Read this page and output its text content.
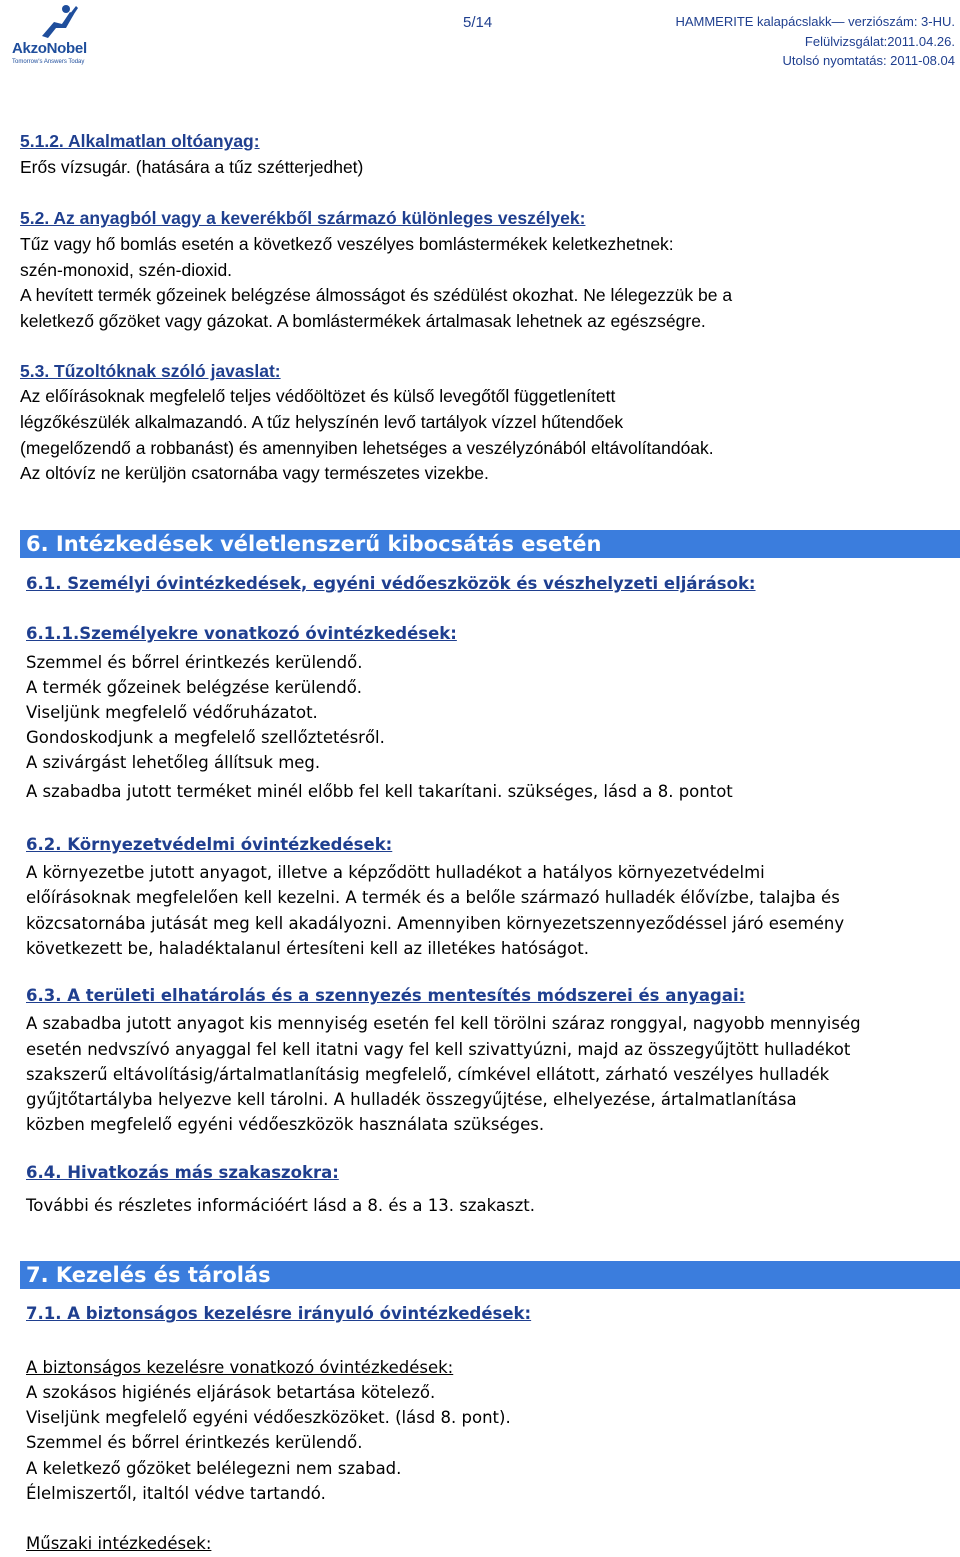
AkzoNobel
Tomorrow's Answers Today
5/14	HAMMERITE kalapácslakk— verziószám: 3-HU.
Felülvizsgálat:2011.04.26.
Utolsó nyomtatás: 2011-08.04
5.1.2. Alkalmatlan oltóanyag:
Erős vízsugár. (hatására a tűz szétterjedhet)
5.2. Az anyagból vagy a keverékből származó különleges veszélyek:
Tűz vagy hő bomlás esetén a következő veszélyes bomlástermékek keletkezhetnek:
szén-monoxid, szén-dioxid.
A hevített termék gőzeinek belégzése álmosságot és szédülést okozhat. Ne lélegezzük be a
keletkező gőzöket vagy gázokat. A bomlástermékek ártalmasak lehetnek az egészségre.
5.3. Tűzoltóknak szóló javaslat:
Az előírásoknak megfelelő teljes védőöltözet és külső levegőtől függetlenített
légzőkészülék alkalmazandó. A tűz helyszínén levő tartályok vízzel hűtendőek
(megelőzendő a robbanást) és amennyiben lehetséges a veszélyzónából eltávolítandóak.
Az oltóvíz ne kerüljön csatornába vagy természetes vizekbe.
6. Intézkedések véletlenszerű kibocsátás esetén
6.1. Személyi óvintézkedések, egyéni védőeszközök és vészhelyzeti eljárások:
6.1.1.Személyekre vonatkozó óvintézkedések:
Szemmel és bőrrel érintkezés kerülendő.
A termék gőzeinek belégzése kerülendő.
Viseljünk megfelelő védőruházatot.
Gondoskodjunk a megfelelő szellőztetésről.
A szivárgást lehetőleg állítsuk meg.
A szabadba jutott terméket minél előbb fel kell takarítani. szükséges, lásd a 8. pontot
6.2. Környezetvédelmi óvintézkedések:
A környezetbe jutott anyagot, illetve a képződött hulladékot a hatályos környezetvédelmi
előírásoknak megfelelően kell kezelni. A termék és a belőle származó hulladék élővízbe, talajba és
közcsatornába jutását meg kell akadályozni. Amennyiben környezetszennyeződéssel járó esemény
következett be, haladéktalanul értesíteni kell az illetékes hatóságot.
6.3. A területi elhatárolás és a szennyezés mentesítés módszerei és anyagai:
A szabadba jutott anyagot kis mennyiség esetén fel kell törölni száraz ronggyal, nagyobb mennyiség
esetén nedvszívó anyaggal fel kell itatni vagy fel kell szivattyúzni, majd az összegyűjtött hulladékot
szakszerű eltávolításig/ártalmatlanításig megfelelő, címkével ellátott, zárható veszélyes hulladék
gyűjtőtartályba helyezve kell tárolni. A hulladék összegyűjtése, elhelyezése, ártalmatlanítása
közben megfelelő egyéni védőeszközök használata szükséges.
6.4. Hivatkozás más szakaszokra:
További és részletes információért lásd a 8. és a 13. szakaszt.
7. Kezelés és tárolás
7.1. A biztonságos kezelésre irányuló óvintézkedések:
A biztonságos kezelésre vonatkozó óvintézkedések:
A szokásos higiénés eljárások betartása kötelező.
Viseljünk megfelelő egyéni védőeszközöket. (lásd 8. pont).
Szemmel és bőrrel érintkezés kerülendő.
A keletkező gőzöket belélegezni nem szabad.
Élelmiszertől, italtól védve tartandó.
Műszaki intézkedések:
